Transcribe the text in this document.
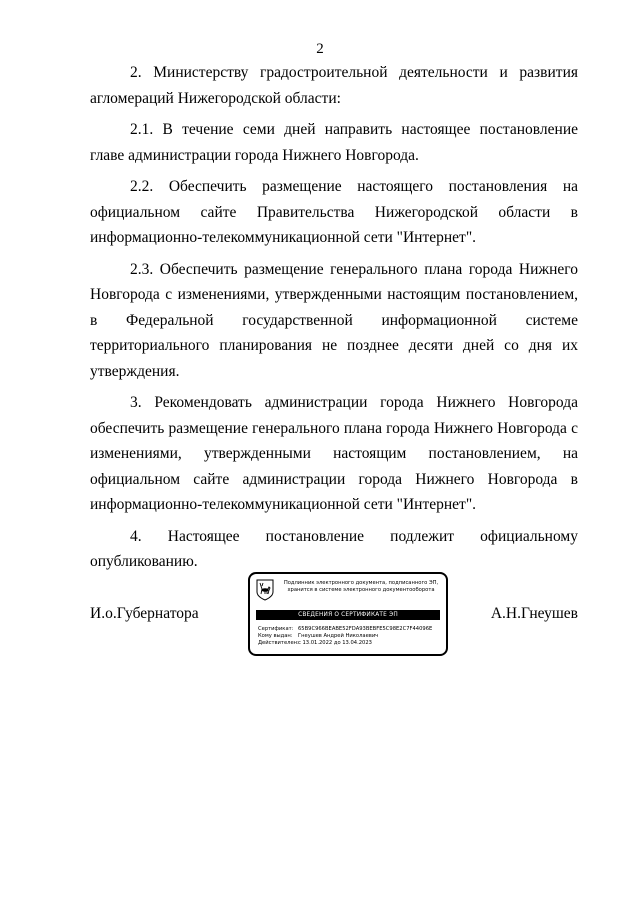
2

2. Министерству градостроительной деятельности и развития агломераций Нижегородской области:

2.1. В течение семи дней направить настоящее постановление главе администрации города Нижнего Новгорода.

2.2. Обеспечить размещение настоящего постановления на официальном сайте Правительства Нижегородской области в информационно-телекоммуникационной сети "Интернет".

2.3. Обеспечить размещение генерального плана города Нижнего Новгорода с изменениями, утвержденными настоящим постановлением, в Федеральной государственной информационной системе территориального планирования не позднее десяти дней со дня их утверждения.

3. Рекомендовать администрации города Нижнего Новгорода обеспечить размещение генерального плана города Нижнего Новгорода с изменениями, утвержденными настоящим постановлением, на официальном сайте администрации города Нижнего Новгорода в информационно-телекоммуникационной сети "Интернет".

4. Настоящее постановление подлежит официальному опубликованию.

И.о.Губернатора
Подлинник электронного документа, подписанного ЭП,
хранится в системе электронного документооборота
СВЕДЕНИЯ О СЕРТИФИКАТЕ ЭП
Сертификат: 65B9C966BEABE52FDA93BEBFE5C98E2C7F44096E
Кому выдан: Гнеушев Андрей Николаевич
Действителен:с 13.01.2022 до 13.04.2023
А.Н.Гнеушев
